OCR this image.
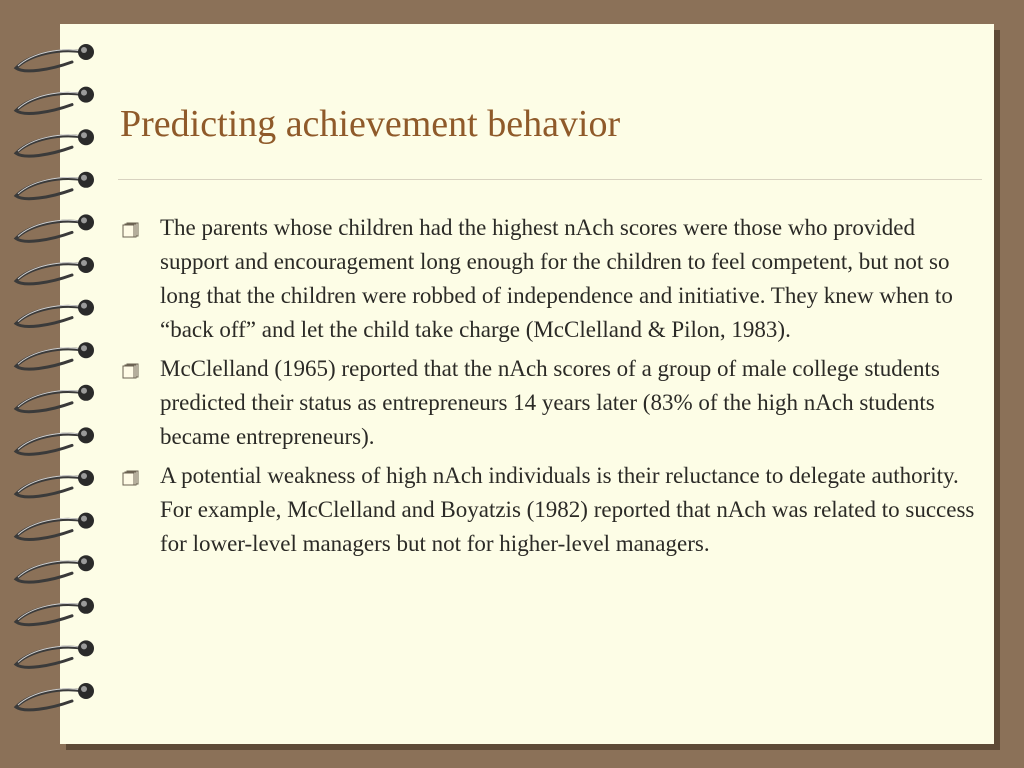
Predicting achievement behavior
The parents whose children had the highest nAch scores were those who provided support and encouragement long enough for the children to feel competent, but not so long that the children were robbed of independence and initiative. They knew when to “back off” and let the child take charge (McClelland & Pilon, 1983).
McClelland (1965) reported that the nAch scores of a group of male college students predicted their status as entrepreneurs 14 years later (83% of the high nAch students became entrepreneurs).
A potential weakness of high nAch individuals is their reluctance to delegate authority. For example, McClelland and Boyatzis (1982) reported that nAch was related to success for lower-level managers but not for higher-level managers.
